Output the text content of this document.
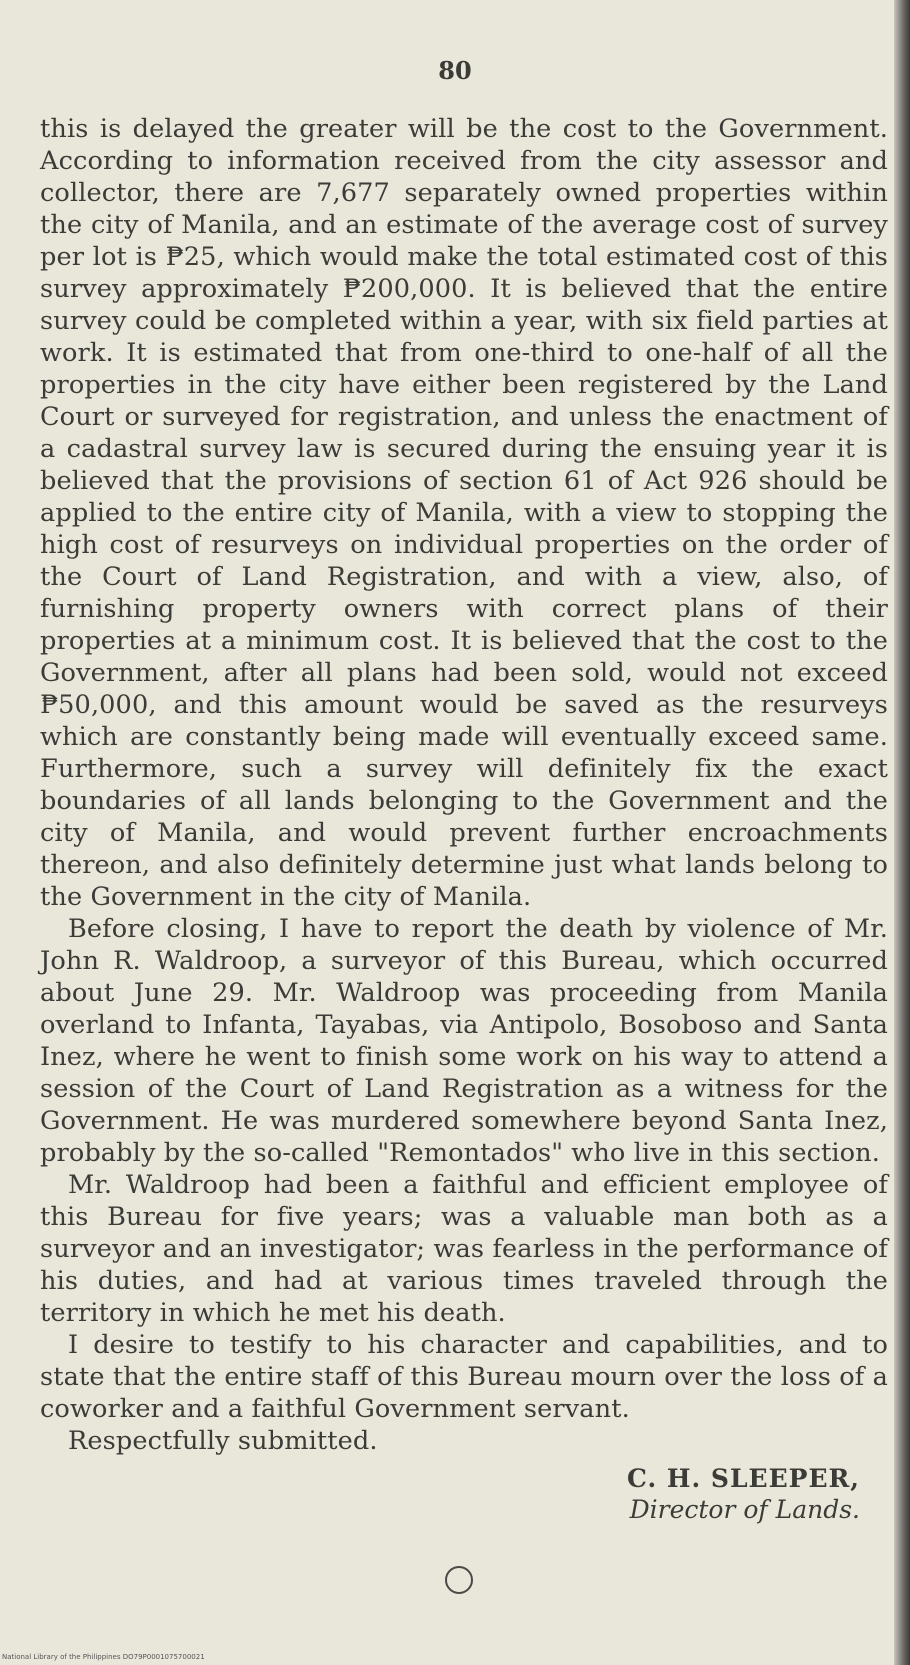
80

this is delayed the greater will be the cost to the Government. According to information received from the city assessor and collector, there are 7,677 separately owned properties within the city of Manila, and an estimate of the average cost of survey per lot is ₱25, which would make the total estimated cost of this survey approximately ₱200,000. It is believed that the entire survey could be completed within a year, with six field parties at work. It is estimated that from one-third to one-half of all the properties in the city have either been registered by the Land Court or surveyed for registration, and unless the enactment of a cadastral survey law is secured during the ensuing year it is believed that the provisions of section 61 of Act 926 should be applied to the entire city of Manila, with a view to stopping the high cost of resurveys on individual properties on the order of the Court of Land Registration, and with a view, also, of furnishing property owners with correct plans of their properties at a minimum cost. It is believed that the cost to the Government, after all plans had been sold, would not exceed ₱50,000, and this amount would be saved as the resurveys which are constantly being made will eventually exceed same. Furthermore, such a survey will definitely fix the exact boundaries of all lands belonging to the Government and the city of Manila, and would prevent further encroachments thereon, and also definitely determine just what lands belong to the Government in the city of Manila.

Before closing, I have to report the death by violence of Mr. John R. Waldroop, a surveyor of this Bureau, which occurred about June 29. Mr. Waldroop was proceeding from Manila overland to Infanta, Tayabas, via Antipolo, Bosoboso and Santa Inez, where he went to finish some work on his way to attend a session of the Court of Land Registration as a witness for the Government. He was murdered somewhere beyond Santa Inez, probably by the so-called "Remontados" who live in this section.

Mr. Waldroop had been a faithful and efficient employee of this Bureau for five years; was a valuable man both as a surveyor and an investigator; was fearless in the performance of his duties, and had at various times traveled through the territory in which he met his death.

I desire to testify to his character and capabilities, and to state that the entire staff of this Bureau mourn over the loss of a coworker and a faithful Government servant.

Respectfully submitted.

C. H. SLEEPER,
Director of Lands.
National Library of the Philippines DO79P0001075700021
